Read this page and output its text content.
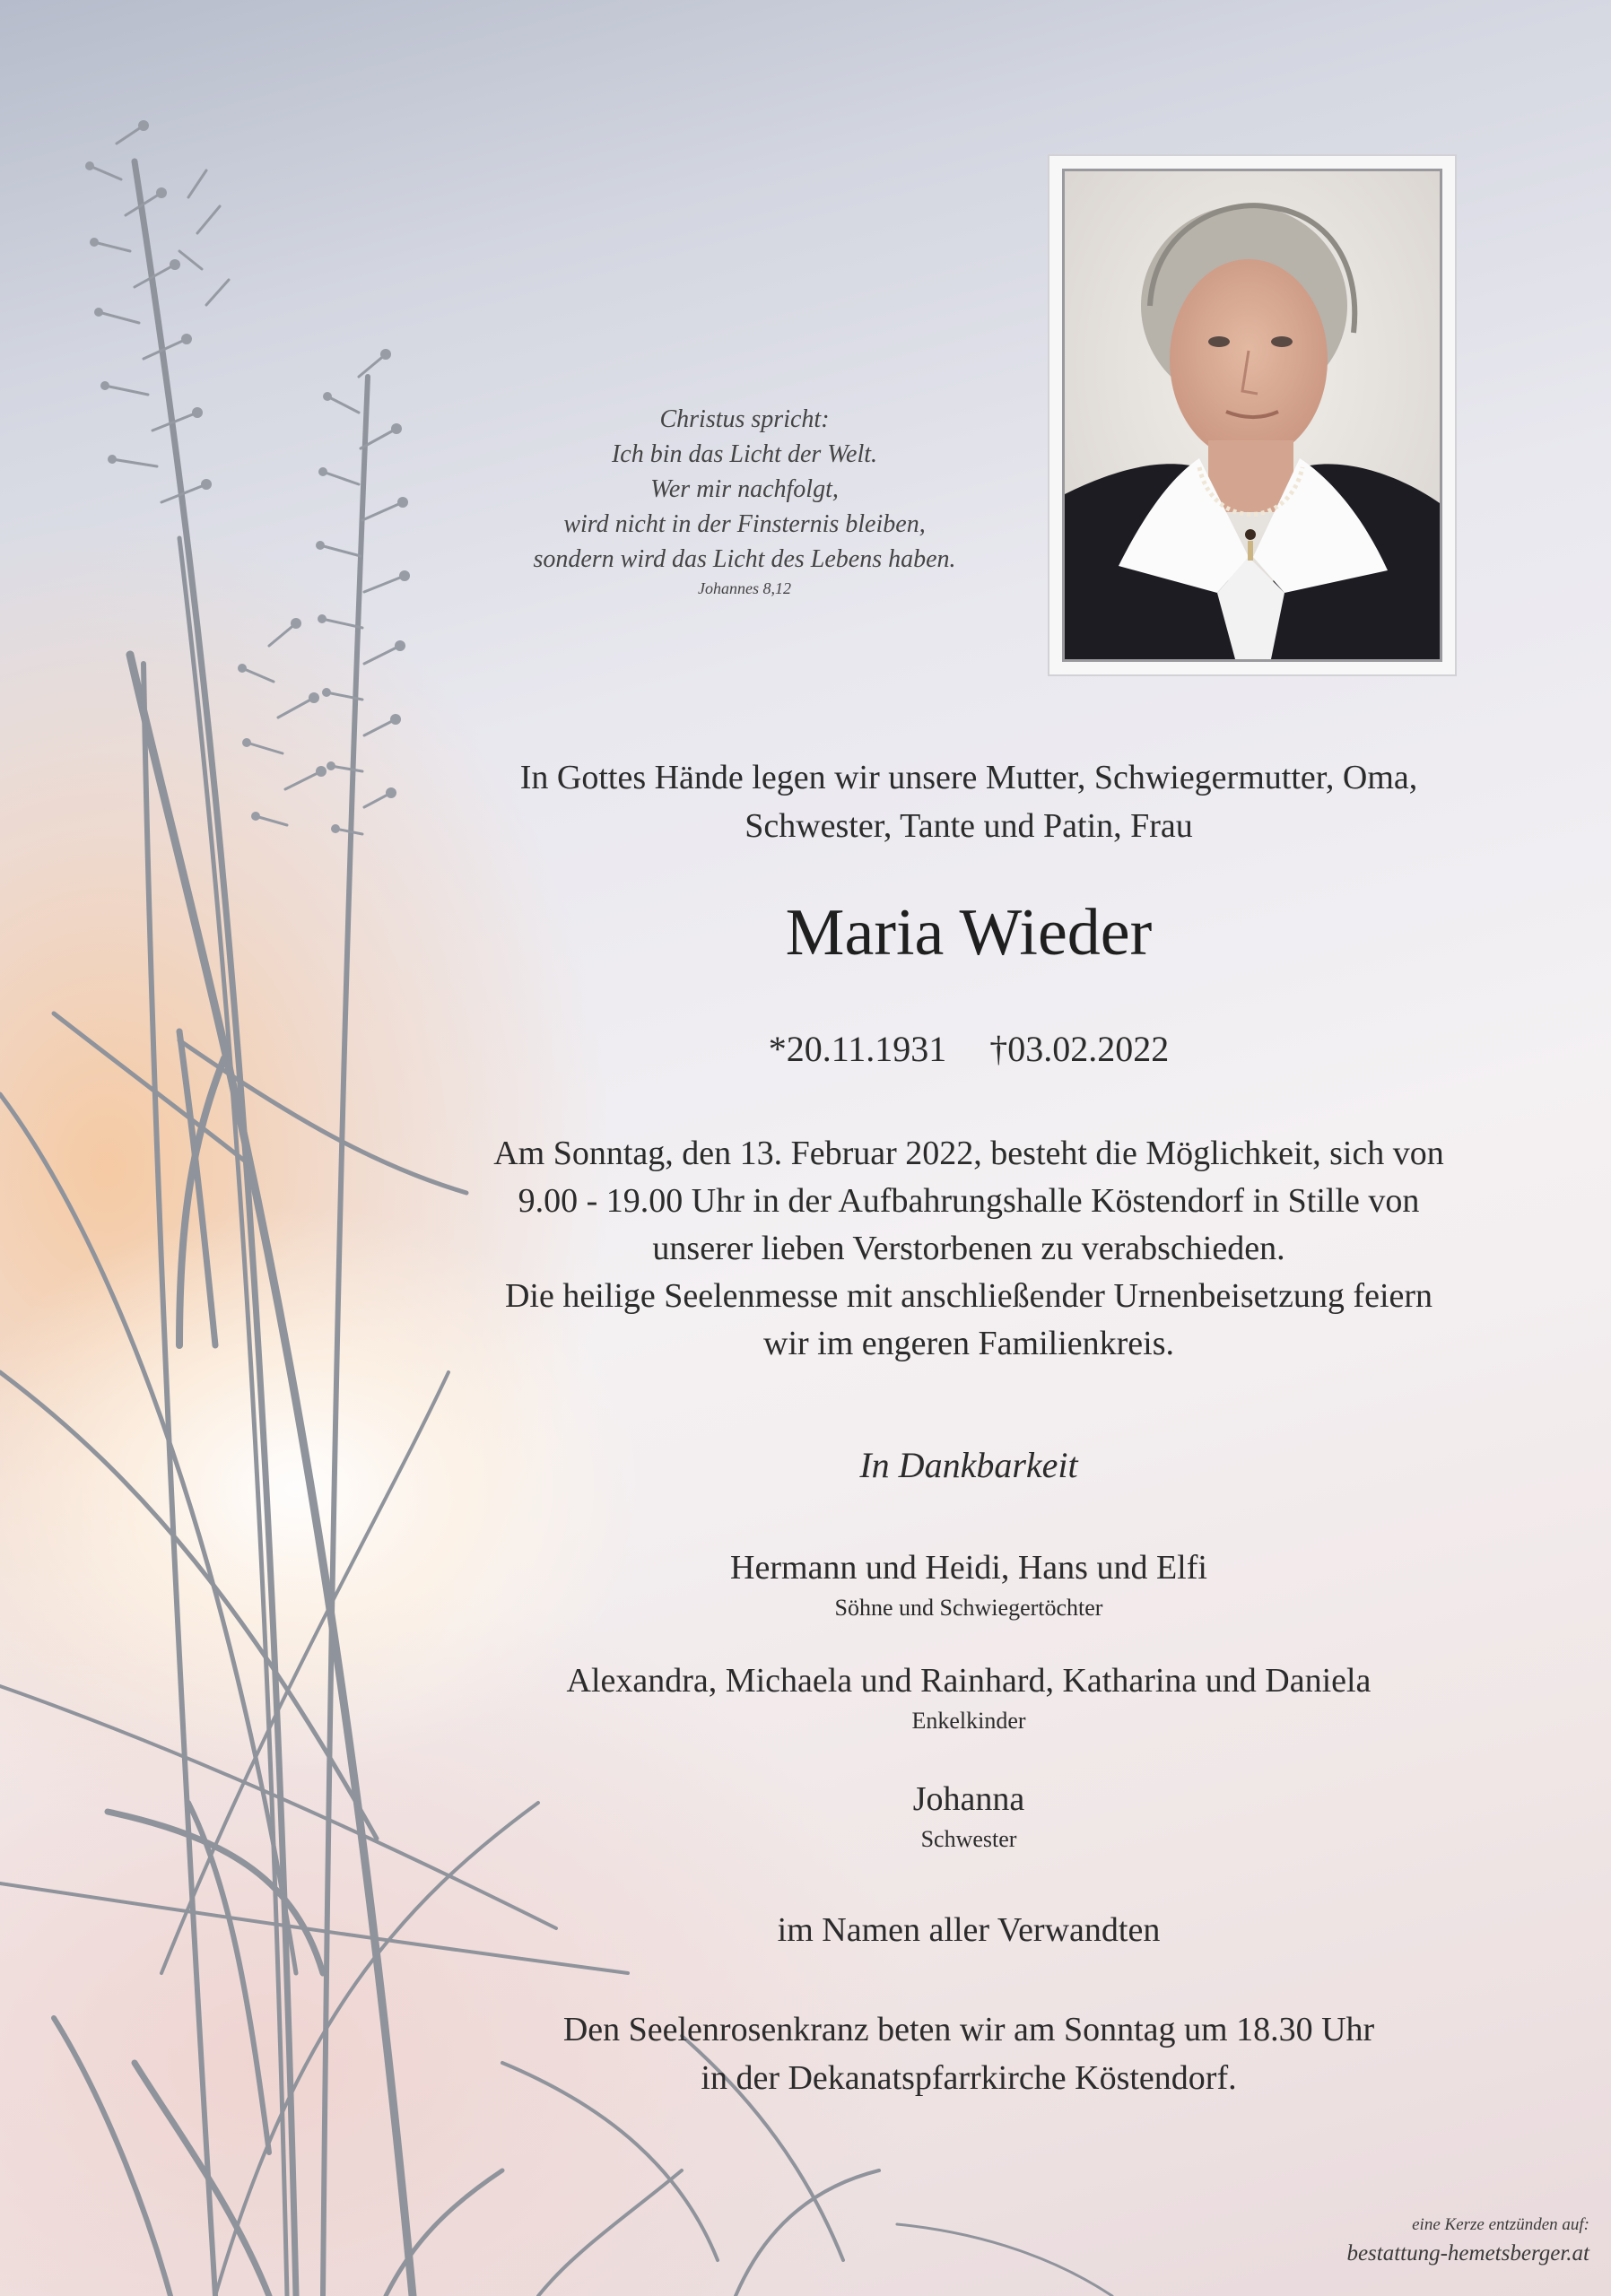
Christus spricht:
Ich bin das Licht der Welt.
Wer mir nachfolgt,
wird nicht in der Finsternis bleiben,
sondern wird das Licht des Lebens haben.
Johannes 8,12
In Gottes Hände legen wir unsere Mutter, Schwiegermutter, Oma,
Schwester, Tante und Patin, Frau
Maria Wieder
*20.11.1931 †03.02.2022
Am Sonntag, den 13. Februar 2022, besteht die Möglichkeit, sich von
9.00 - 19.00 Uhr in der Aufbahrungshalle Köstendorf in Stille von
unserer lieben Verstorbenen zu verabschieden.
Die heilige Seelenmesse mit anschließender Urnenbeisetzung feiern
wir im engeren Familienkreis.
In Dankbarkeit
Hermann und Heidi, Hans und Elfi
Söhne und Schwiegertöchter
Alexandra, Michaela und Rainhard, Katharina und Daniela
Enkelkinder
Johanna
Schwester
im Namen aller Verwandten
Den Seelenrosenkranz beten wir am Sonntag um 18.30 Uhr
in der Dekanatspfarrkirche Köstendorf.
eine Kerze entzünden auf:
bestattung-hemetsberger.at
